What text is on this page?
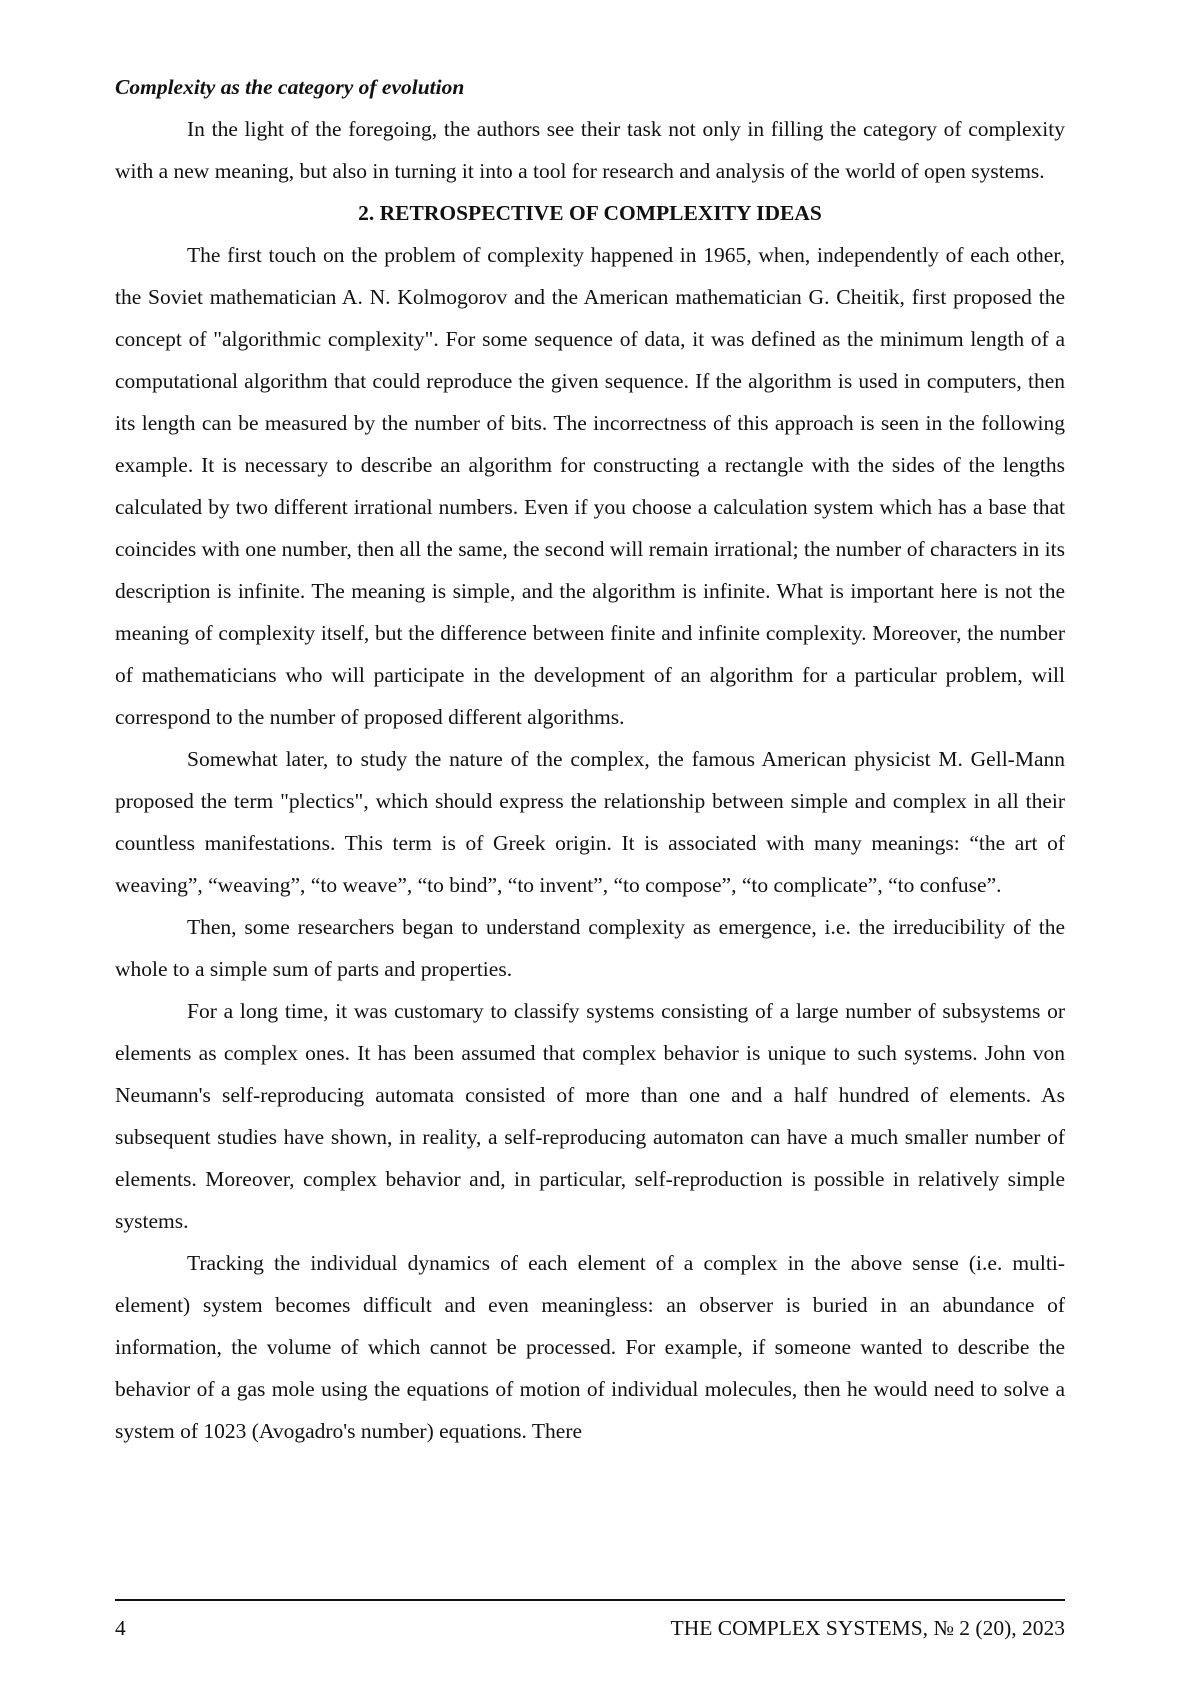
Complexity as the category of evolution

In the light of the foregoing, the authors see their task not only in filling the category of complexity with a new meaning, but also in turning it into a tool for research and analysis of the world of open systems.

2. RETROSPECTIVE OF COMPLEXITY IDEAS

The first touch on the problem of complexity happened in 1965, when, independently of each other, the Soviet mathematician A. N. Kolmogorov and the American mathematician G. Cheitik, first proposed the concept of "algorithmic complexity". For some sequence of data, it was defined as the minimum length of a computational algorithm that could reproduce the given sequence. If the algorithm is used in computers, then its length can be measured by the number of bits. The incorrectness of this approach is seen in the following example. It is necessary to describe an algorithm for constructing a rectangle with the sides of the lengths calculated by two different irrational numbers. Even if you choose a calculation system which has a base that coincides with one number, then all the same, the second will remain irrational; the number of characters in its description is infinite. The meaning is simple, and the algorithm is infinite. What is important here is not the meaning of complexity itself, but the difference between finite and infinite complexity. Moreover, the number of mathematicians who will participate in the development of an algorithm for a particular problem, will correspond to the number of proposed different algorithms.

Somewhat later, to study the nature of the complex, the famous American physicist M. Gell-Mann proposed the term "plectics", which should express the relationship between simple and complex in all their countless manifestations. This term is of Greek origin. It is associated with many meanings: “the art of weaving”, “weaving”, “to weave”, “to bind”, “to invent”, “to compose”, “to complicate”, “to confuse”.

Then, some researchers began to understand complexity as emergence, i.e. the irreducibility of the whole to a simple sum of parts and properties.

For a long time, it was customary to classify systems consisting of a large number of subsystems or elements as complex ones. It has been assumed that complex behavior is unique to such systems. John von Neumann's self-reproducing automata consisted of more than one and a half hundred of elements. As subsequent studies have shown, in reality, a self-reproducing automaton can have a much smaller number of elements. Moreover, complex behavior and, in particular, self-reproduction is possible in relatively simple systems.

Tracking the individual dynamics of each element of a complex in the above sense (i.e. multi-element) system becomes difficult and even meaningless: an observer is buried in an abundance of information, the volume of which cannot be processed. For example, if someone wanted to describe the behavior of a gas mole using the equations of motion of individual molecules, then he would need to solve a system of 1023 (Avogadro's number) equations. There

4	THE COMPLEX SYSTEMS, № 2 (20), 2023
